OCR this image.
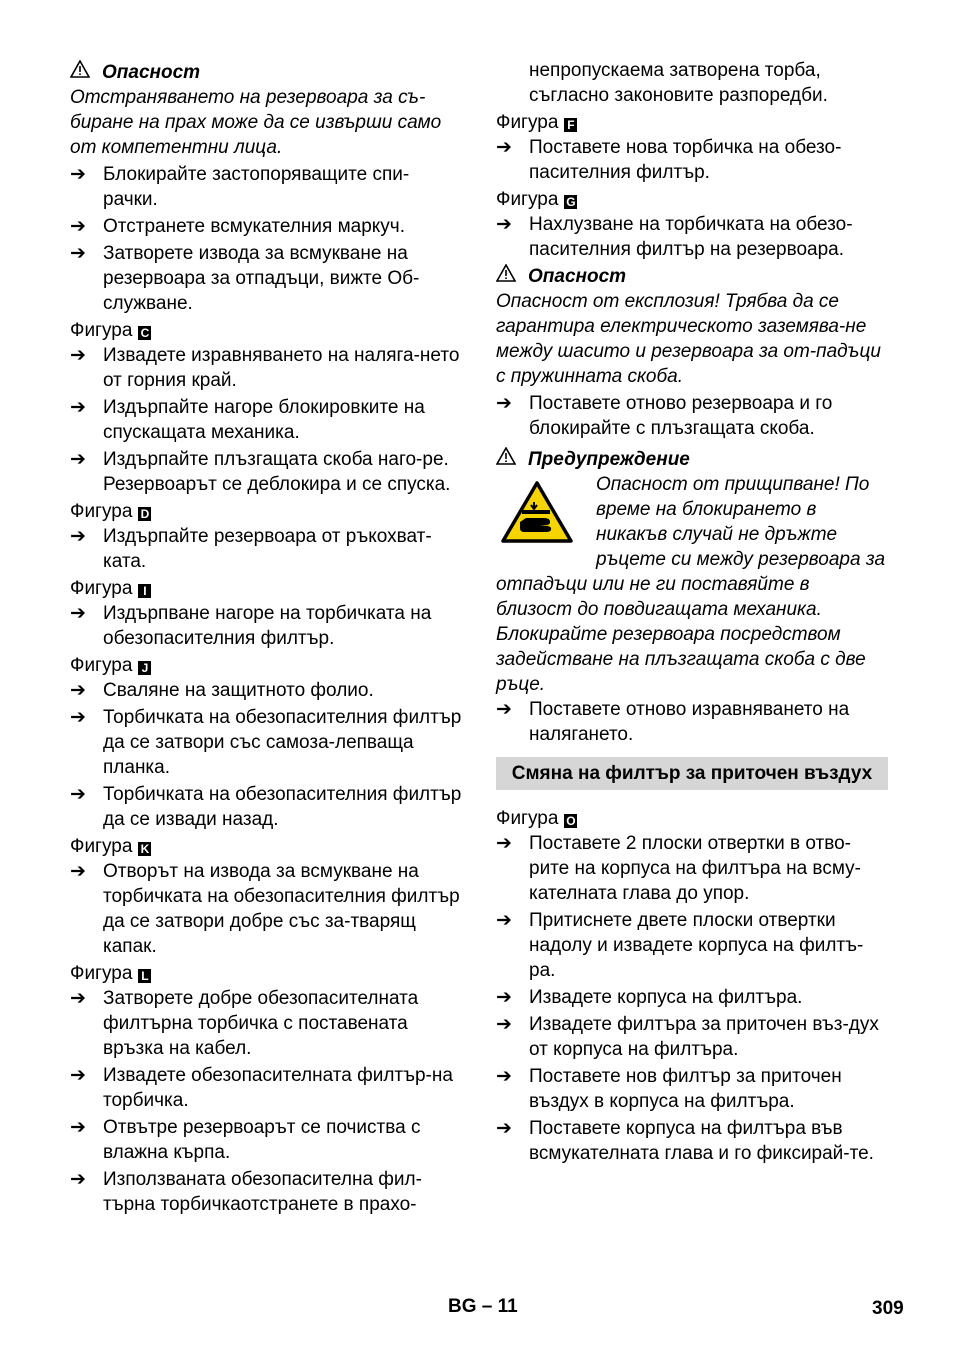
Опасност

Отстраняването на резервоара за съ-биране на прах може да се извърши само от компетентни лица.

➔ Блокирайте застопоряващите спи-рачки.
➔ Отстранете всмукателния маркуч.
➔ Затворете извода за всмукване на резервоара за отпадъци, вижте Об-служване.
Фигура C
➔ Извадете изравняването на наляга-нето от горния край.
➔ Издърпайте нагоре блокировките на спускащата механика.
➔ Издърпайте плъзгащата скоба наго-ре. Резервоарът се деблокира и се спуска.
Фигура D
➔ Издърпайте резервоара от ръкохват-ката.
Фигура I
➔ Издърпване нагоре на торбичката на обезопасителния филтър.
Фигура J
➔ Сваляне на защитното фолио.
➔ Торбичката на обезопасителния филтър да се затвори със самоза-лепваща планка.
➔ Торбичката на обезопасителния филтър да се извади назад.
Фигура K
➔ Отворът на извода за всмукване на торбичката на обезопасителния филтър да се затвори добре със за-тварящ капак.
Фигура L
➔ Затворете добре обезопасителната филтърна торбичка с поставената връзка на кабел.
➔ Извадете обезопасителната филтър-на торбичка.
➔ Отвътре резервоарът се почиства с влажна кърпа.
➔ Използваната обезопасителна фил-търна торбичкаотстранете в прахо-
непропускаема затворена торба, съгласно законовите разпоредби.
Фигура F
➔ Поставете нова торбичка на обезо-пасителния филтър.
Фигура G
➔ Нахлузване на торбичката на обезо-пасителния филтър на резервоара.
Опасност

Опасност от експлозия! Трябва да се гарантира електрическото заземява-не между шасито и резервоара за от-падъци с пружинната скоба.

➔ Поставете отново резервоара и го блокирайте с плъзгащата скоба.
Предупреждение
Опасност от прищипване! По време на блокирането в никакъв случай не дръжте ръцете си между резервоара за отпадъци или не ги поставяйте в близост до повдигащата механика. Блокирайте резервоара посредством задействане на плъзгащата скоба с две ръце.
➔ Поставете отново изравняването на налягането.
Смяна на филтър за приточен въздух
Фигура O
➔ Поставете 2 плоски отвертки в отво-рите на корпуса на филтъра на всму-кателната глава до упор.
➔ Притиснете двете плоски отвертки надолу и извадете корпуса на филтъ-ра.
➔ Извадете корпуса на филтъра.
➔ Извадете филтъра за приточен въз-дух от корпуса на филтъра.
➔ Поставете нов филтър за приточен въздух в корпуса на филтъра.
➔ Поставете корпуса на филтъра във всмукателната глава и го фиксирай-те.
BG – 11	309
